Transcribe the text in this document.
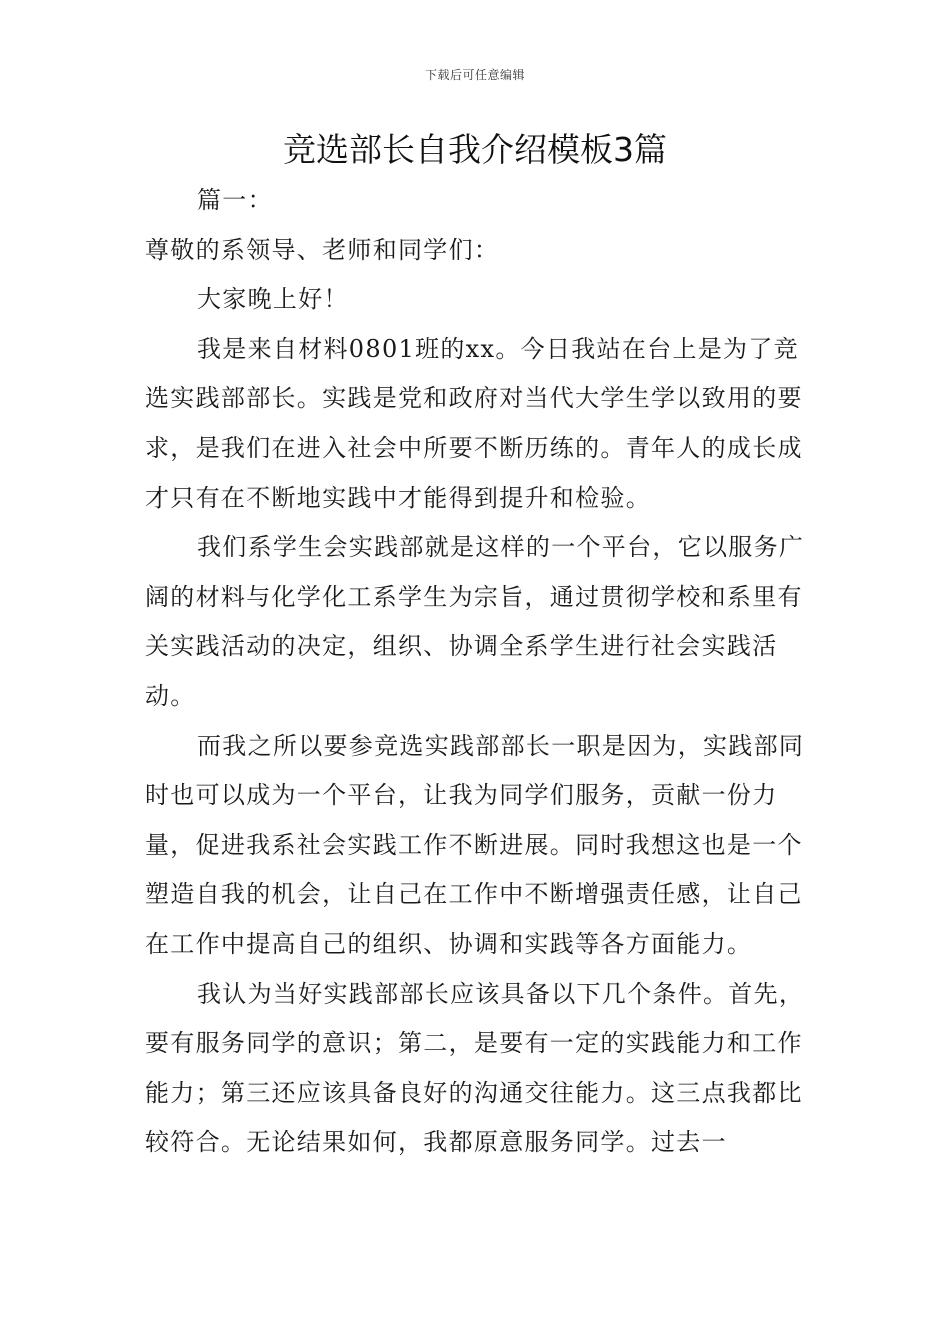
下载后可任意编辑
竞选部长自我介绍模板3篇

篇一：

尊敬的系领导、老师和同学们：

大家晚上好！

我是来自材料0801班的xx。今日我站在台上是为了竞选实践部部长。实践是党和政府对当代大学生学以致用的要求，是我们在进入社会中所要不断历练的。青年人的成长成才只有在不断地实践中才能得到提升和检验。

我们系学生会实践部就是这样的一个平台，它以服务广阔的材料与化学化工系学生为宗旨，通过贯彻学校和系里有关实践活动的决定，组织、协调全系学生进行社会实践活动。

而我之所以要参竞选实践部部长一职是因为，实践部同时也可以成为一个平台，让我为同学们服务，贡献一份力量，促进我系社会实践工作不断进展。同时我想这也是一个塑造自我的机会，让自己在工作中不断增强责任感，让自己在工作中提高自己的组织、协调和实践等各方面能力。

我认为当好实践部部长应该具备以下几个条件。首先，要有服务同学的意识；第二，是要有一定的实践能力和工作能力；第三还应该具备良好的沟通交往能力。这三点我都比较符合。无论结果如何，我都原意服务同学。过去一
